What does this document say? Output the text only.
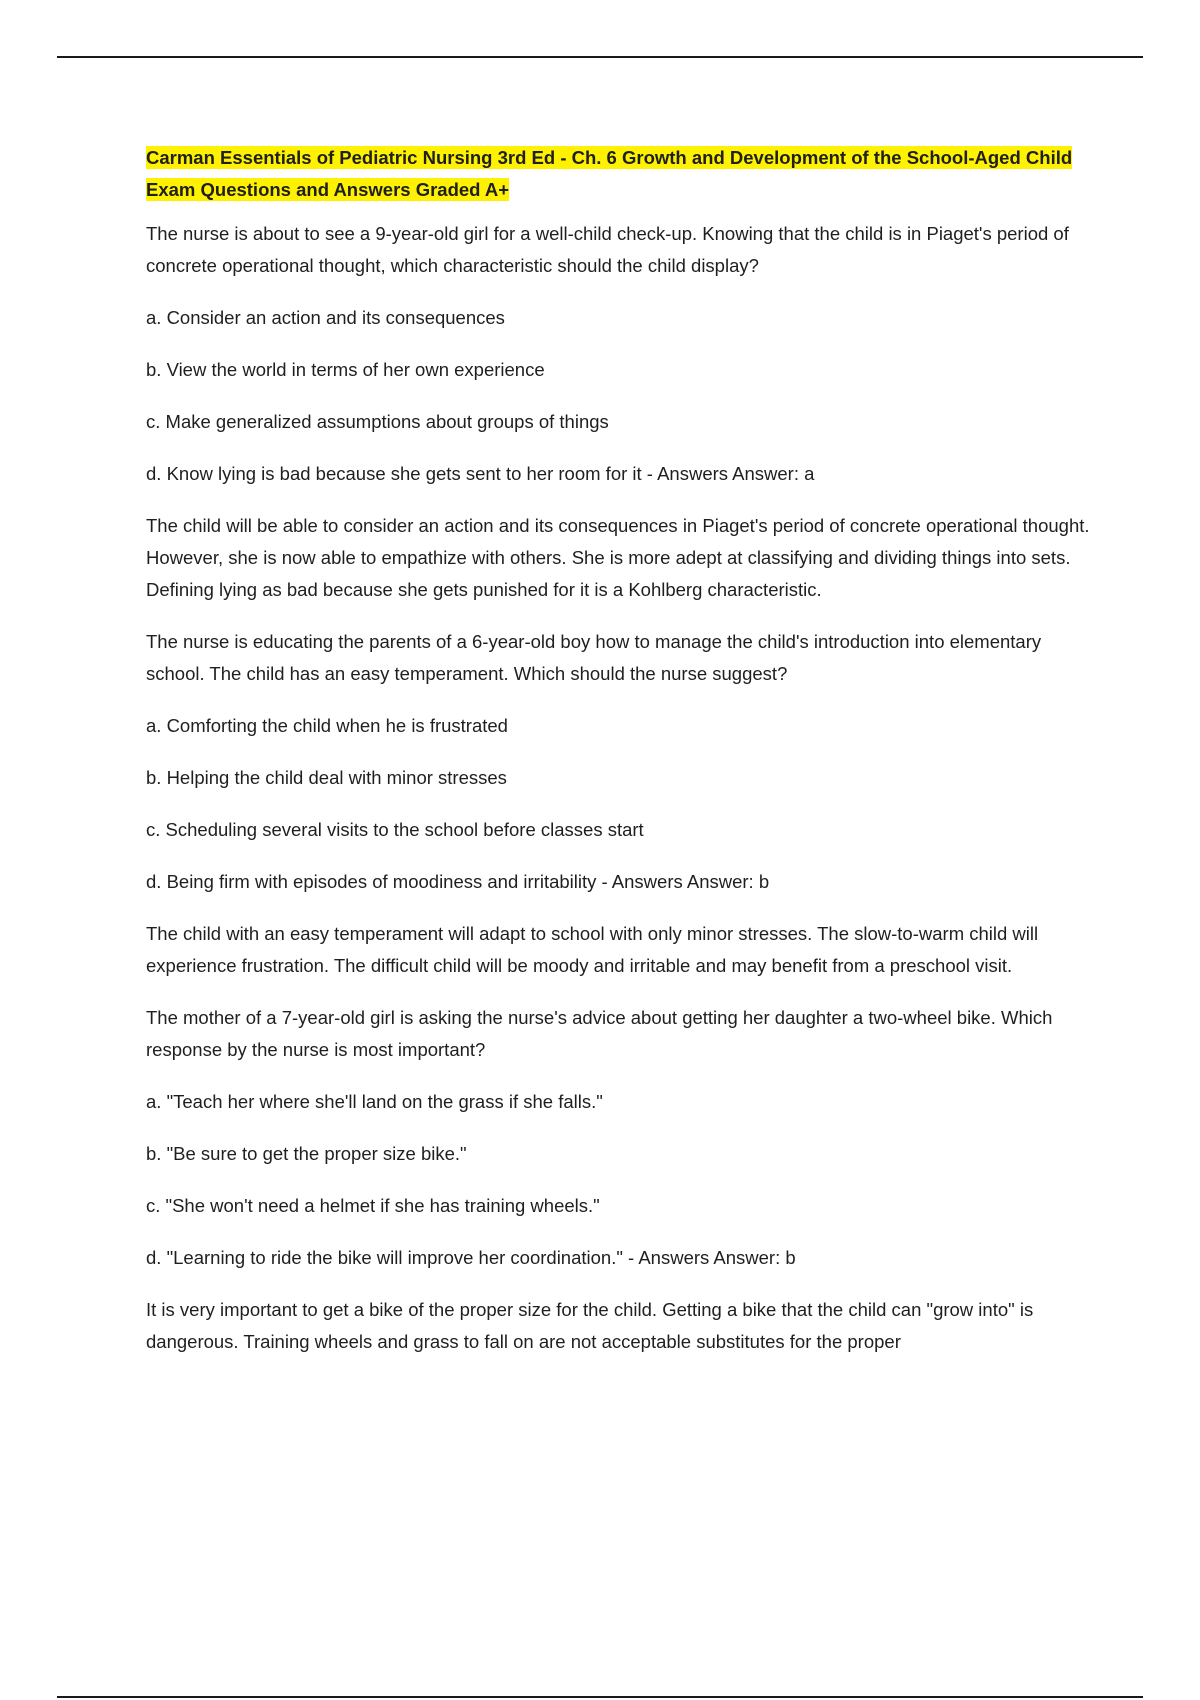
Carman Essentials of Pediatric Nursing 3rd Ed - Ch. 6 Growth and Development of the School-Aged Child Exam Questions and Answers Graded A+
The nurse is about to see a 9-year-old girl for a well-child check-up. Knowing that the child is in Piaget's period of concrete operational thought, which characteristic should the child display?
a. Consider an action and its consequences
b. View the world in terms of her own experience
c. Make generalized assumptions about groups of things
d. Know lying is bad because she gets sent to her room for it - Answers Answer: a
The child will be able to consider an action and its consequences in Piaget's period of concrete operational thought. However, she is now able to empathize with others. She is more adept at classifying and dividing things into sets. Defining lying as bad because she gets punished for it is a Kohlberg characteristic.
The nurse is educating the parents of a 6-year-old boy how to manage the child's introduction into elementary school. The child has an easy temperament. Which should the nurse suggest?
a. Comforting the child when he is frustrated
b. Helping the child deal with minor stresses
c. Scheduling several visits to the school before classes start
d. Being firm with episodes of moodiness and irritability - Answers Answer: b
The child with an easy temperament will adapt to school with only minor stresses. The slow-to-warm child will experience frustration. The difficult child will be moody and irritable and may benefit from a preschool visit.
The mother of a 7-year-old girl is asking the nurse's advice about getting her daughter a two-wheel bike. Which response by the nurse is most important?
a. "Teach her where she'll land on the grass if she falls."
b. "Be sure to get the proper size bike."
c. "She won't need a helmet if she has training wheels."
d. "Learning to ride the bike will improve her coordination." - Answers Answer: b
It is very important to get a bike of the proper size for the child. Getting a bike that the child can "grow into" is dangerous. Training wheels and grass to fall on are not acceptable substitutes for the proper
